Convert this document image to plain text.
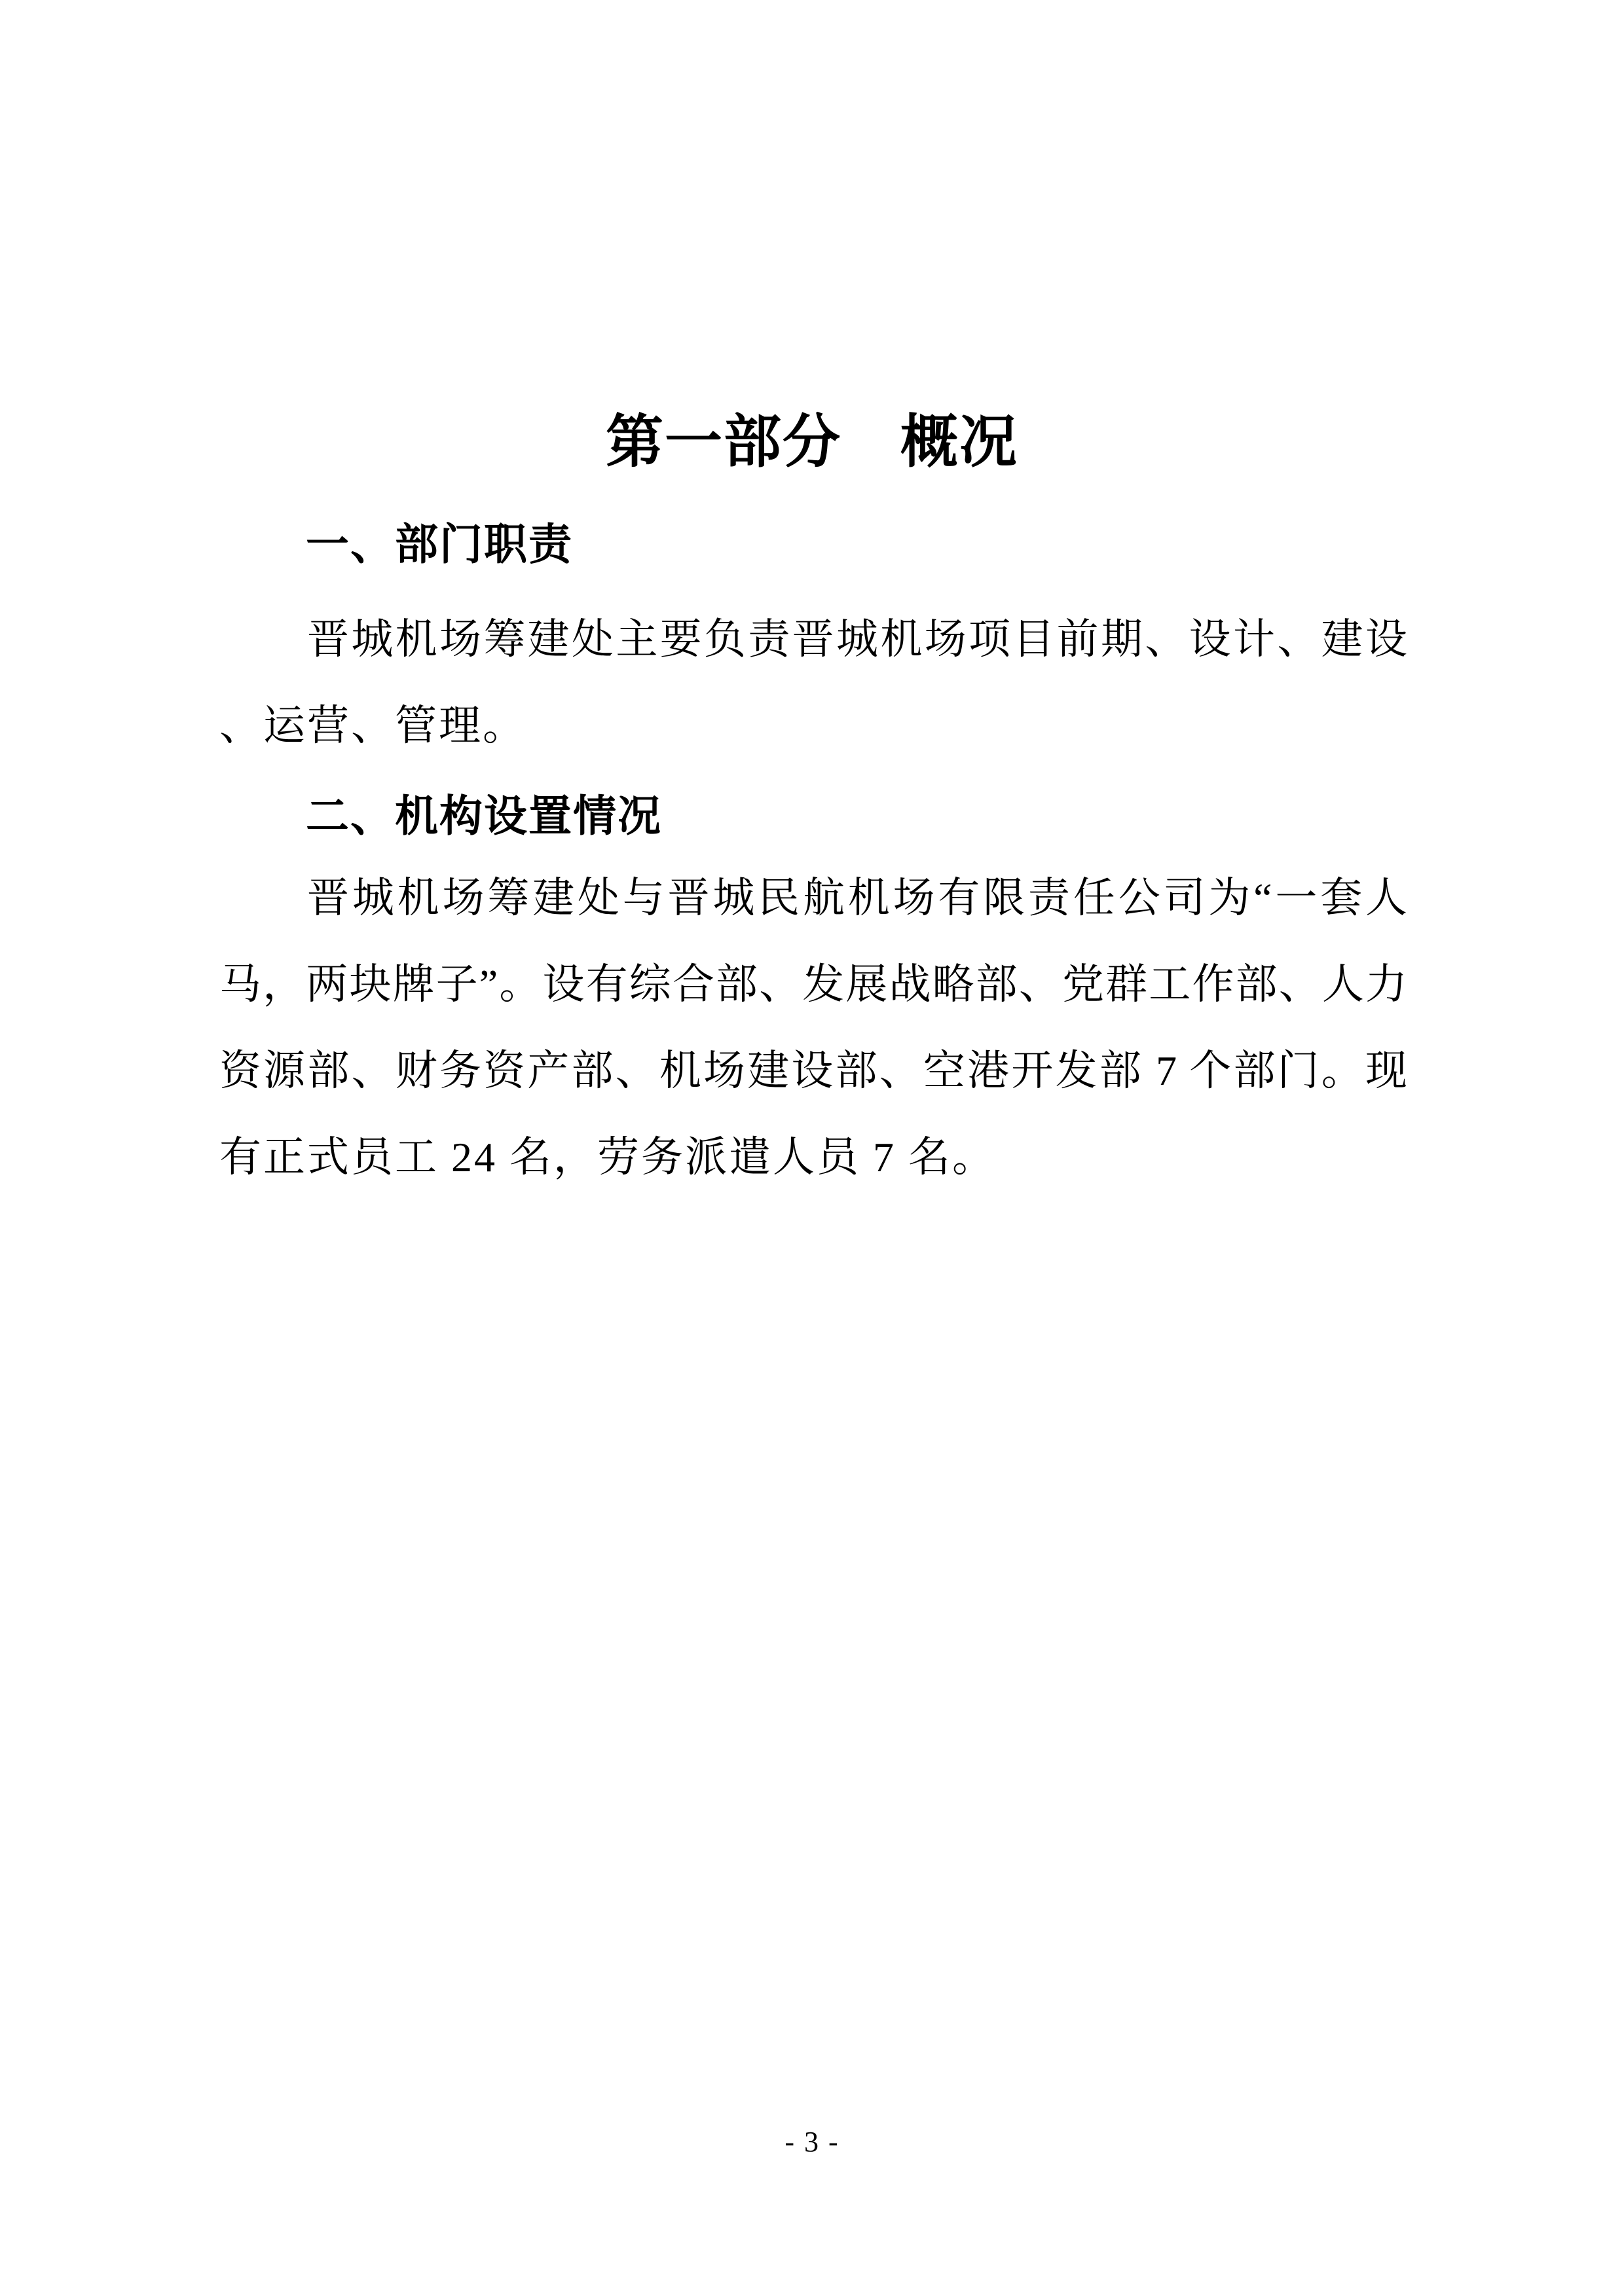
第一部分　概况
一、部门职责
晋城机场筹建处主要负责晋城机场项目前期、设计、建设
、运营、管理。
二、机构设置情况
晋城机场筹建处与晋城民航机场有限责任公司为“一套人
马，两块牌子”。设有综合部、发展战略部、党群工作部、人力
资源部、财务资产部、机场建设部、空港开发部 7 个部门。现
有正式员工 24 名，劳务派遣人员 7 名。
- 3 -
